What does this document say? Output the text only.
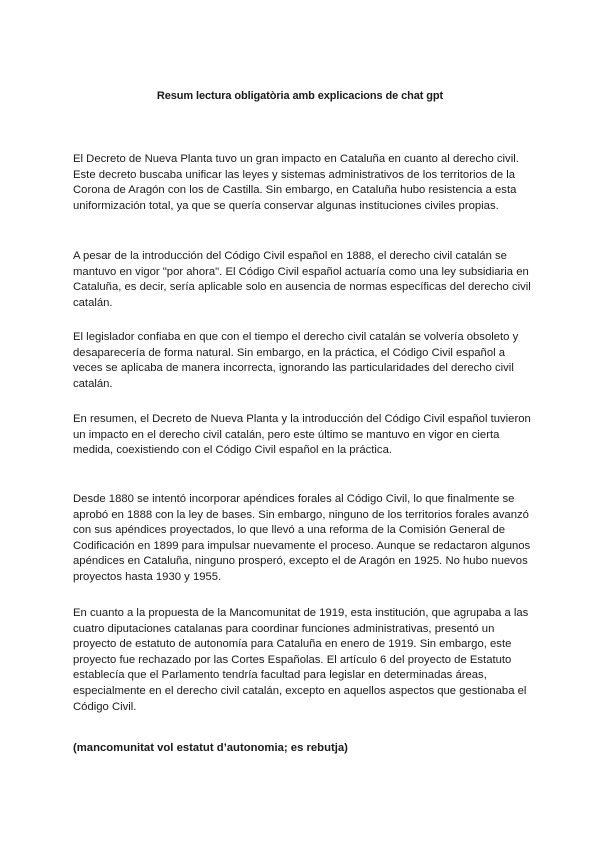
Resum lectura obligatòria amb explicacions de chat gpt

El Decreto de Nueva Planta tuvo un gran impacto en Cataluña en cuanto al derecho civil. Este decreto buscaba unificar las leyes y sistemas administrativos de los territorios de la Corona de Aragón con los de Castilla. Sin embargo, en Cataluña hubo resistencia a esta uniformización total, ya que se quería conservar algunas instituciones civiles propias.

A pesar de la introducción del Código Civil español en 1888, el derecho civil catalán se mantuvo en vigor "por ahora". El Código Civil español actuaría como una ley subsidiaria en Cataluña, es decir, sería aplicable solo en ausencia de normas específicas del derecho civil catalán.

El legislador confiaba en que con el tiempo el derecho civil catalán se volvería obsoleto y desaparecería de forma natural. Sin embargo, en la práctica, el Código Civil español a veces se aplicaba de manera incorrecta, ignorando las particularidades del derecho civil catalán.

En resumen, el Decreto de Nueva Planta y la introducción del Código Civil español tuvieron un impacto en el derecho civil catalán, pero este último se mantuvo en vigor en cierta medida, coexistiendo con el Código Civil español en la práctica.

Desde 1880 se intentó incorporar apéndices forales al Código Civil, lo que finalmente se aprobó en 1888 con la ley de bases. Sin embargo, ninguno de los territorios forales avanzó con sus apéndices proyectados, lo que llevó a una reforma de la Comisión General de Codificación en 1899 para impulsar nuevamente el proceso. Aunque se redactaron algunos apéndices en Cataluña, ninguno prosperó, excepto el de Aragón en 1925. No hubo nuevos proyectos hasta 1930 y 1955.

En cuanto a la propuesta de la Mancomunitat de 1919, esta institución, que agrupaba a las cuatro diputaciones catalanas para coordinar funciones administrativas, presentó un proyecto de estatuto de autonomía para Cataluña en enero de 1919. Sin embargo, este proyecto fue rechazado por las Cortes Españolas. El artículo 6 del proyecto de Estatuto establecía que el Parlamento tendría facultad para legislar en determinadas áreas, especialmente en el derecho civil catalán, excepto en aquellos aspectos que gestionaba el Código Civil.

(mancomunitat vol estatut d’autonomia; es rebutja)
